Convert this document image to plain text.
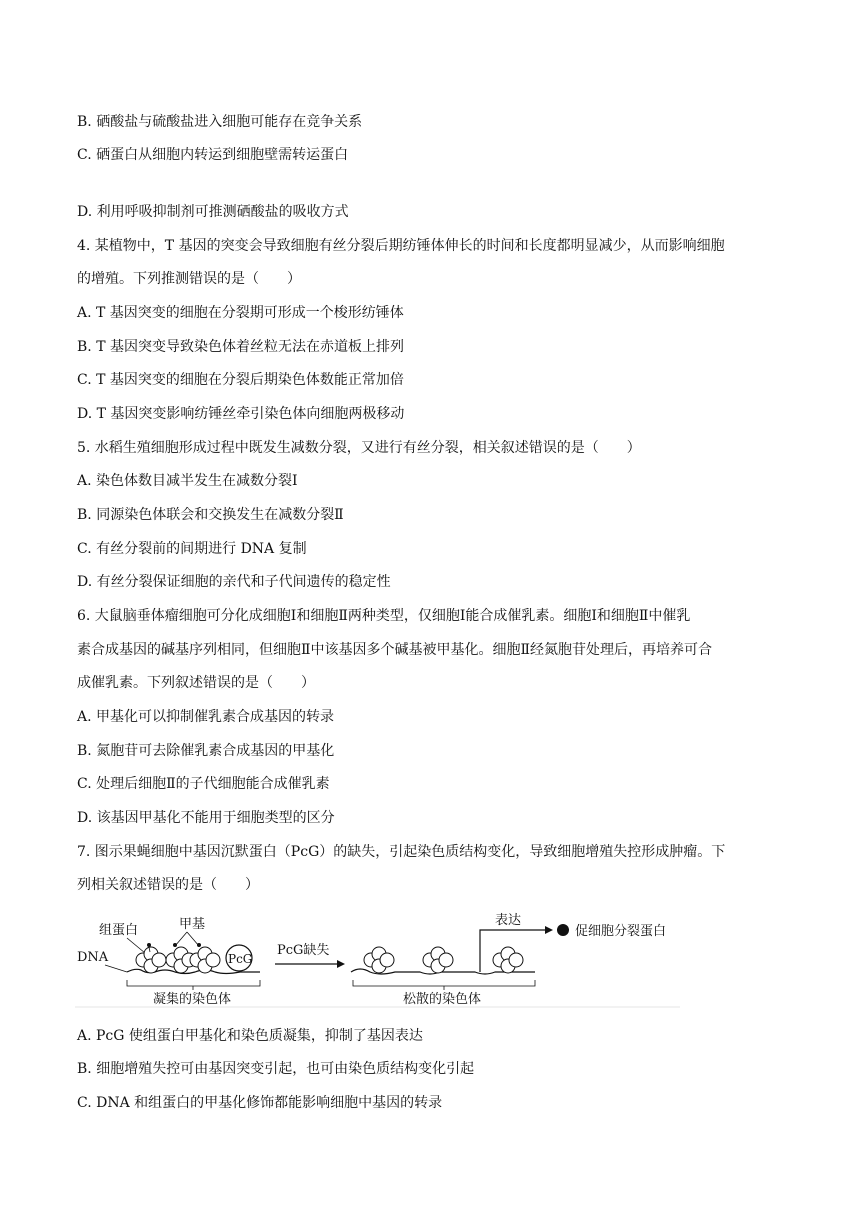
B. 硒酸盐与硫酸盐进入细胞可能存在竞争关系
C. 硒蛋白从细胞内转运到细胞壁需转运蛋白
D. 利用呼吸抑制剂可推测硒酸盐的吸收方式
4. 某植物中，T 基因的突变会导致细胞有丝分裂后期纺锤体伸长的时间和长度都明显减少，从而影响细胞
的增殖。下列推测错误的是（　　）
A. T 基因突变的细胞在分裂期可形成一个梭形纺锤体
B. T 基因突变导致染色体着丝粒无法在赤道板上排列
C. T 基因突变的细胞在分裂后期染色体数能正常加倍
D. T 基因突变影响纺锤丝牵引染色体向细胞两极移动
5. 水稻生殖细胞形成过程中既发生减数分裂，又进行有丝分裂，相关叙述错误的是（　　）
A. 染色体数目减半发生在减数分裂Ⅰ
B. 同源染色体联会和交换发生在减数分裂Ⅱ
C. 有丝分裂前的间期进行 DNA 复制
D. 有丝分裂保证细胞的亲代和子代间遗传的稳定性
6. 大鼠脑垂体瘤细胞可分化成细胞Ⅰ和细胞Ⅱ两种类型，仅细胞Ⅰ能合成催乳素。细胞Ⅰ和细胞Ⅱ中催乳
素合成基因的碱基序列相同，但细胞Ⅱ中该基因多个碱基被甲基化。细胞Ⅱ经氮胞苷处理后，再培养可合
成催乳素。下列叙述错误的是（　　）
A. 甲基化可以抑制催乳素合成基因的转录
B. 氮胞苷可去除催乳素合成基因的甲基化
C. 处理后细胞Ⅱ的子代细胞能合成催乳素
D. 该基因甲基化不能用于细胞类型的区分
7. 图示果蝇细胞中基因沉默蛋白（PcG）的缺失，引起染色质结构变化，导致细胞增殖失控形成肿瘤。下
列相关叙述错误的是（　　）
组蛋白	甲基
DNA	PcG
凝集的染色体
PcG缺失
表达
促细胞分裂蛋白
松散的染色体
A. PcG 使组蛋白甲基化和染色质凝集，抑制了基因表达
B. 细胞增殖失控可由基因突变引起，也可由染色质结构变化引起
C. DNA 和组蛋白的甲基化修饰都能影响细胞中基因的转录
